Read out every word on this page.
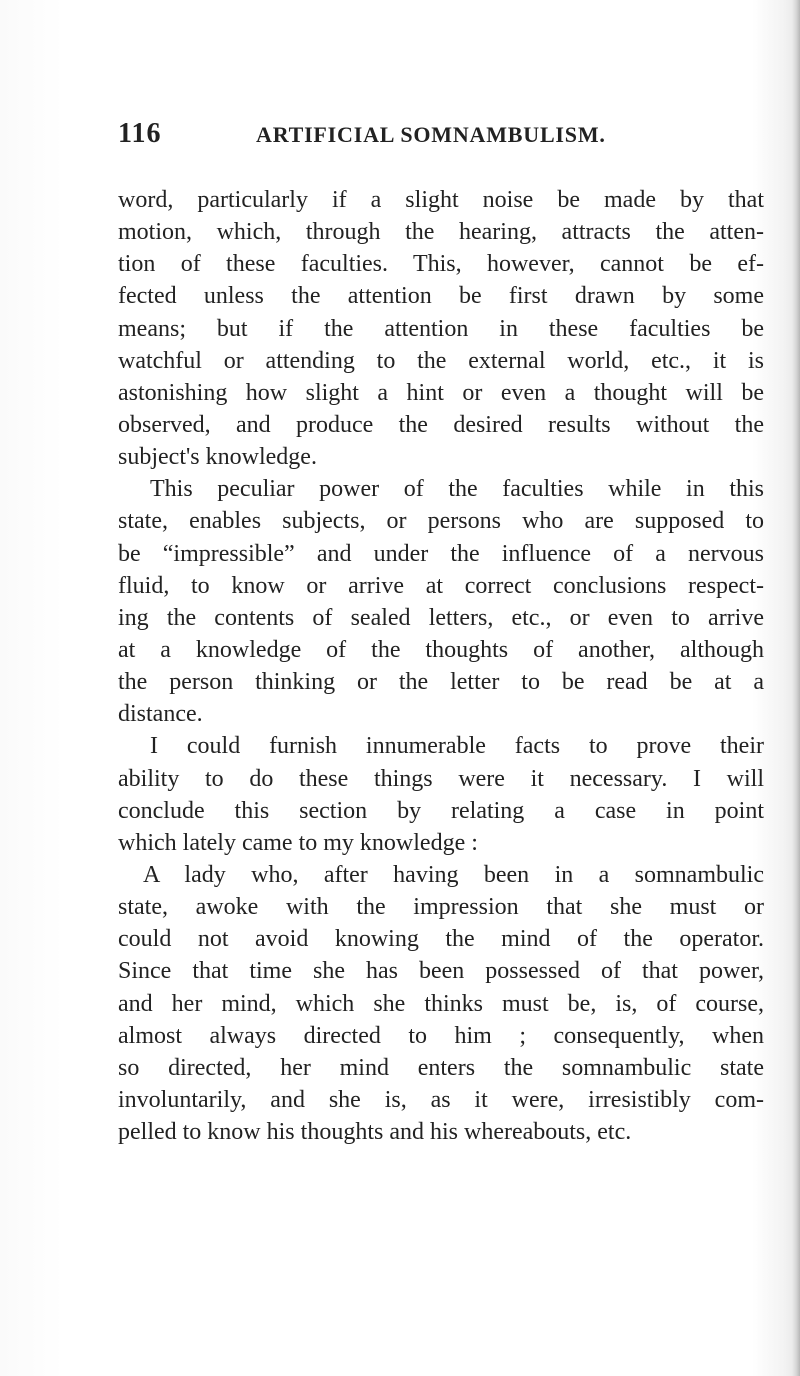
116	ARTIFICIAL SOMNAMBULISM.
word, particularly if a slight noise be made by that
motion, which, through the hearing, attracts the atten-
tion of these faculties. This, however, cannot be ef-
fected unless the attention be first drawn by some
means; but if the attention in these faculties be
watchful or attending to the external world, etc., it is
astonishing how slight a hint or even a thought will be
observed, and produce the desired results without the
subject's knowledge.
This peculiar power of the faculties while in this
state, enables subjects, or persons who are supposed to
be “impressible” and under the influence of a nervous
fluid, to know or arrive at correct conclusions respect-
ing the contents of sealed letters, etc., or even to arrive
at a knowledge of the thoughts of another, although
the person thinking or the letter to be read be at a
distance.
I could furnish innumerable facts to prove their
ability to do these things were it necessary. I will
conclude this section by relating a case in point
which lately came to my knowledge :
A lady who, after having been in a somnambulic
state, awoke with the impression that she must or
could not avoid knowing the mind of the operator.
Since that time she has been possessed of that power,
and her mind, which she thinks must be, is, of course,
almost always directed to him ; consequently, when
so directed, her mind enters the somnambulic state
involuntarily, and she is, as it were, irresistibly com-
pelled to know his thoughts and his whereabouts, etc.
